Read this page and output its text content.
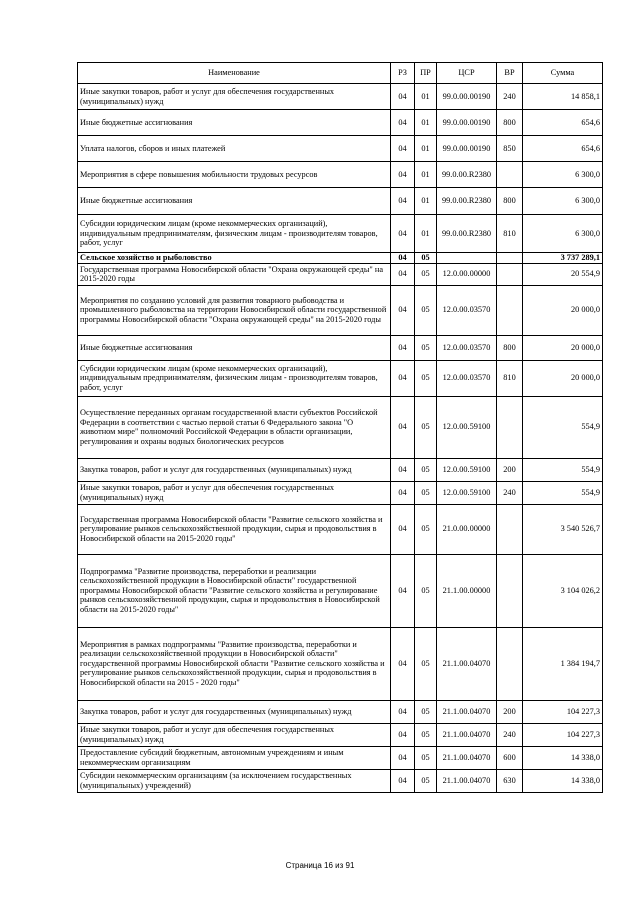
Наименование	РЗ	ПР	ЦСР	ВР	Сумма
Иные закупки товаров, работ и услуг для обеспечения государственных (муниципальных) нужд	04	01	99.0.00.00190	240	14 858,1
Иные бюджетные ассигнования	04	01	99.0.00.00190	800	654,6
Уплата налогов, сборов и иных платежей	04	01	99.0.00.00190	850	654,6
Мероприятия в сфере повышения мобильности трудовых ресурсов	04	01	99.0.00.R2380		6 300,0
Иные бюджетные ассигнования	04	01	99.0.00.R2380	800	6 300,0
Субсидии юридическим лицам (кроме некоммерческих организаций), индивидуальным предпринимателям, физическим лицам - производителям товаров, работ, услуг	04	01	99.0.00.R2380	810	6 300,0
Сельское хозяйство и рыболовство	04	05			3 737 289,1
Государственная программа Новосибирской области "Охрана окружающей среды" на 2015-2020 годы	04	05	12.0.00.00000		20 554,9
Мероприятия по созданию условий для развития товарного рыбоводства и промышленного рыболовства на территории Новосибирской области государственной программы Новосибирской области "Охрана окружающей среды" на 2015-2020 годы	04	05	12.0.00.03570		20 000,0
Иные бюджетные ассигнования	04	05	12.0.00.03570	800	20 000,0
Субсидии юридическим лицам (кроме некоммерческих организаций), индивидуальным предпринимателям, физическим лицам - производителям товаров, работ, услуг	04	05	12.0.00.03570	810	20 000,0
Осуществление переданных органам государственной власти субъектов Российской Федерации в соответствии с частью первой статьи 6 Федерального закона "О животном мире" полномочий Российской Федерации в области организации, регулирования и охраны водных биологических ресурсов	04	05	12.0.00.59100		554,9
Закупка товаров, работ и услуг для государственных (муниципальных) нужд	04	05	12.0.00.59100	200	554,9
Иные закупки товаров, работ и услуг для обеспечения государственных (муниципальных) нужд	04	05	12.0.00.59100	240	554,9
Государственная программа Новосибирской области "Развитие сельского хозяйства и регулирование рынков сельскохозяйственной продукции, сырья и продовольствия в Новосибирской области на 2015-2020 годы"	04	05	21.0.00.00000		3 540 526,7
Подпрограмма "Развитие производства, переработки и реализации сельскохозяйственной продукции в Новосибирской области" государственной программы Новосибирской области "Развитие сельского хозяйства и регулирование рынков сельскохозяйственной продукции, сырья и продовольствия в Новосибирской области на 2015-2020 годы"	04	05	21.1.00.00000		3 104 026,2
Мероприятия в рамках подпрограммы "Развитие производства, переработки и реализации сельскохозяйственной продукции в Новосибирской области" государственной программы Новосибирской области "Развитие сельского хозяйства и регулирование рынков сельскохозяйственной продукции, сырья и продовольствия в Новосибирской области на 2015 - 2020 годы"	04	05	21.1.00.04070		1 384 194,7
Закупка товаров, работ и услуг для государственных (муниципальных) нужд	04	05	21.1.00.04070	200	104 227,3
Иные закупки товаров, работ и услуг для обеспечения государственных (муниципальных) нужд	04	05	21.1.00.04070	240	104 227,3
Предоставление субсидий бюджетным, автономным учреждениям и иным некоммерческим организациям	04	05	21.1.00.04070	600	14 338,0
Субсидии некоммерческим организациям (за исключением государственных (муниципальных) учреждений)	04	05	21.1.00.04070	630	14 338,0
Страница 16 из 91
